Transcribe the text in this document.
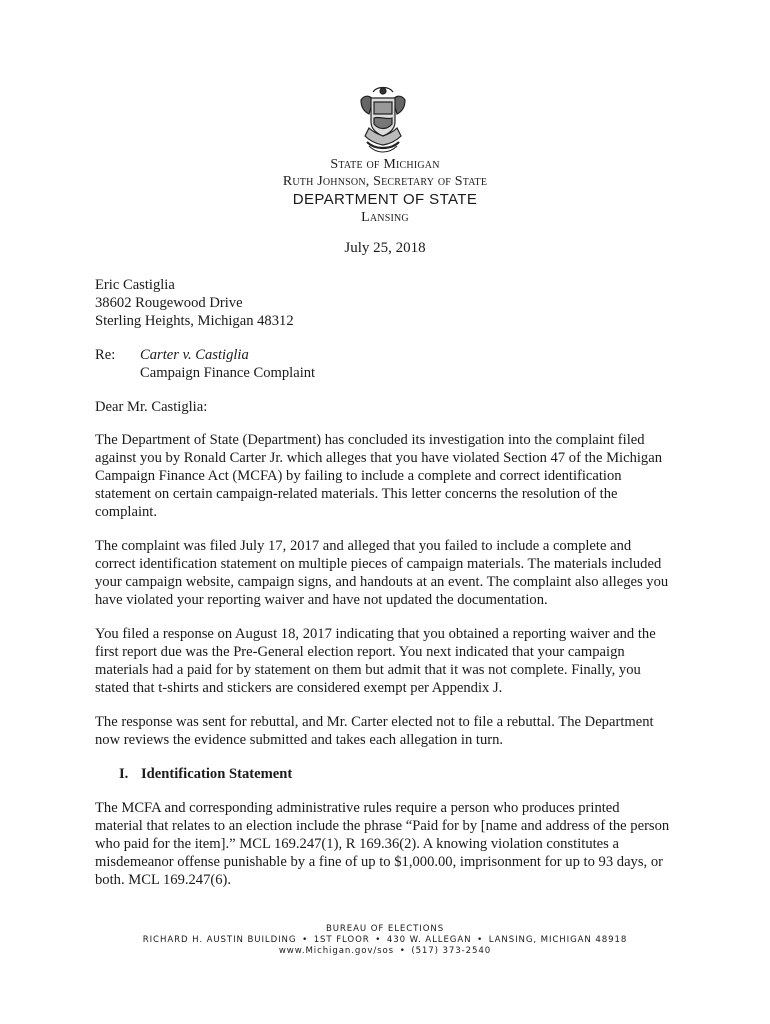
State of Michigan
Ruth Johnson, Secretary of State
DEPARTMENT OF STATE
Lansing
July 25, 2018
Eric Castiglia
38602 Rougewood Drive
Sterling Heights, Michigan 48312
Re:	Carter v. Castiglia
Campaign Finance Complaint

Dear Mr. Castiglia:

The Department of State (Department) has concluded its investigation into the complaint filed against you by Ronald Carter Jr. which alleges that you have violated Section 47 of the Michigan Campaign Finance Act (MCFA) by failing to include a complete and correct identification statement on certain campaign-related materials. This letter concerns the resolution of the complaint.

The complaint was filed July 17, 2017 and alleged that you failed to include a complete and correct identification statement on multiple pieces of campaign materials. The materials included your campaign website, campaign signs, and handouts at an event. The complaint also alleges you have violated your reporting waiver and have not updated the documentation.

You filed a response on August 18, 2017 indicating that you obtained a reporting waiver and the first report due was the Pre-General election report. You next indicated that your campaign materials had a paid for by statement on them but admit that it was not complete. Finally, you stated that t-shirts and stickers are considered exempt per Appendix J.

The response was sent for rebuttal, and Mr. Carter elected not to file a rebuttal. The Department now reviews the evidence submitted and takes each allegation in turn.

I. Identification Statement

The MCFA and corresponding administrative rules require a person who produces printed material that relates to an election include the phrase “Paid for by [name and address of the person who paid for the item].” MCL 169.247(1), R 169.36(2). A knowing violation constitutes a misdemeanor offense punishable by a fine of up to $1,000.00, imprisonment for up to 93 days, or both. MCL 169.247(6).

BUREAU OF ELECTIONS
RICHARD H. AUSTIN BUILDING • 1ST FLOOR • 430 W. ALLEGAN • LANSING, MICHIGAN 48918
www.Michigan.gov/sos • (517) 373-2540
